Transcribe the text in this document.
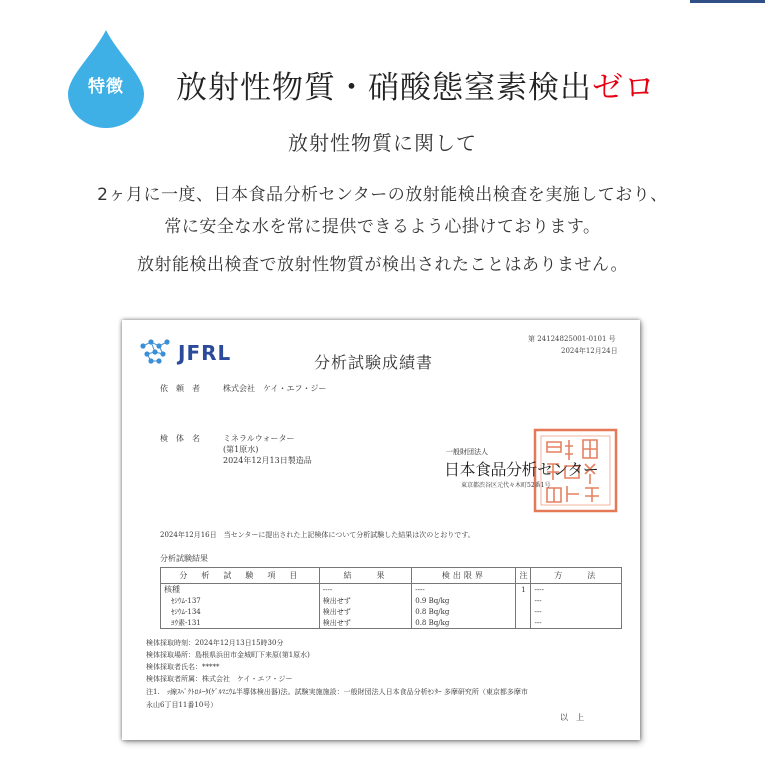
特徴	放射性物質・硝酸態窒素検出ゼロ
放射性物質に関して
2ヶ月に一度、日本食品分析センターの放射能検出検査を実施しており、
常に安全な水を常に提供できるよう心掛けております。
放射能検出検査で放射性物質が検出されたことはありません。
JFRL
第 24124825001-0101 号
2024年12月24日
分析試験成績書
依　頼　者	株式会社　ケイ・エフ・ジー
検　体　名	ミネラルウォーター
(第1原水)
2024年12月13日製造品
一般財団法人
日本食品分析センター
東京都渋谷区元代々木町52番1号
2024年12月16日　当センターに提出された上記検体について分析試験した結果は次のとおりです。
分析試験結果
分　析　試　験　項　目	結　　果	検出限界	注	方　　法
核種	----	----	1	----
ｾｼｳﾑ-137	検出せず	0.9 Bq/kg		---
ｾｼｳﾑ-134	検出せず	0.8 Bq/kg		---
ﾖｳ素-131	検出せず	0.8 Bq/kg		---
検体採取時刻：2024年12月13日15時30分
検体採取場所：島根県浜田市金城町下来原(第1原水)
検体採取者氏名：*****
検体採取者所属：株式会社　ケイ・エフ・ジー
注1.　ｯ線ｽﾍﾟｸﾄﾛﾒｰﾀ(ｹﾞﾙﾏﾆｳﾑ半導体検出器)法。試験実施施設：一般財団法人日本食品分析ｾﾝﾀｰ 多摩研究所（東京都多摩市
永山6丁目11番10号）
以　上
